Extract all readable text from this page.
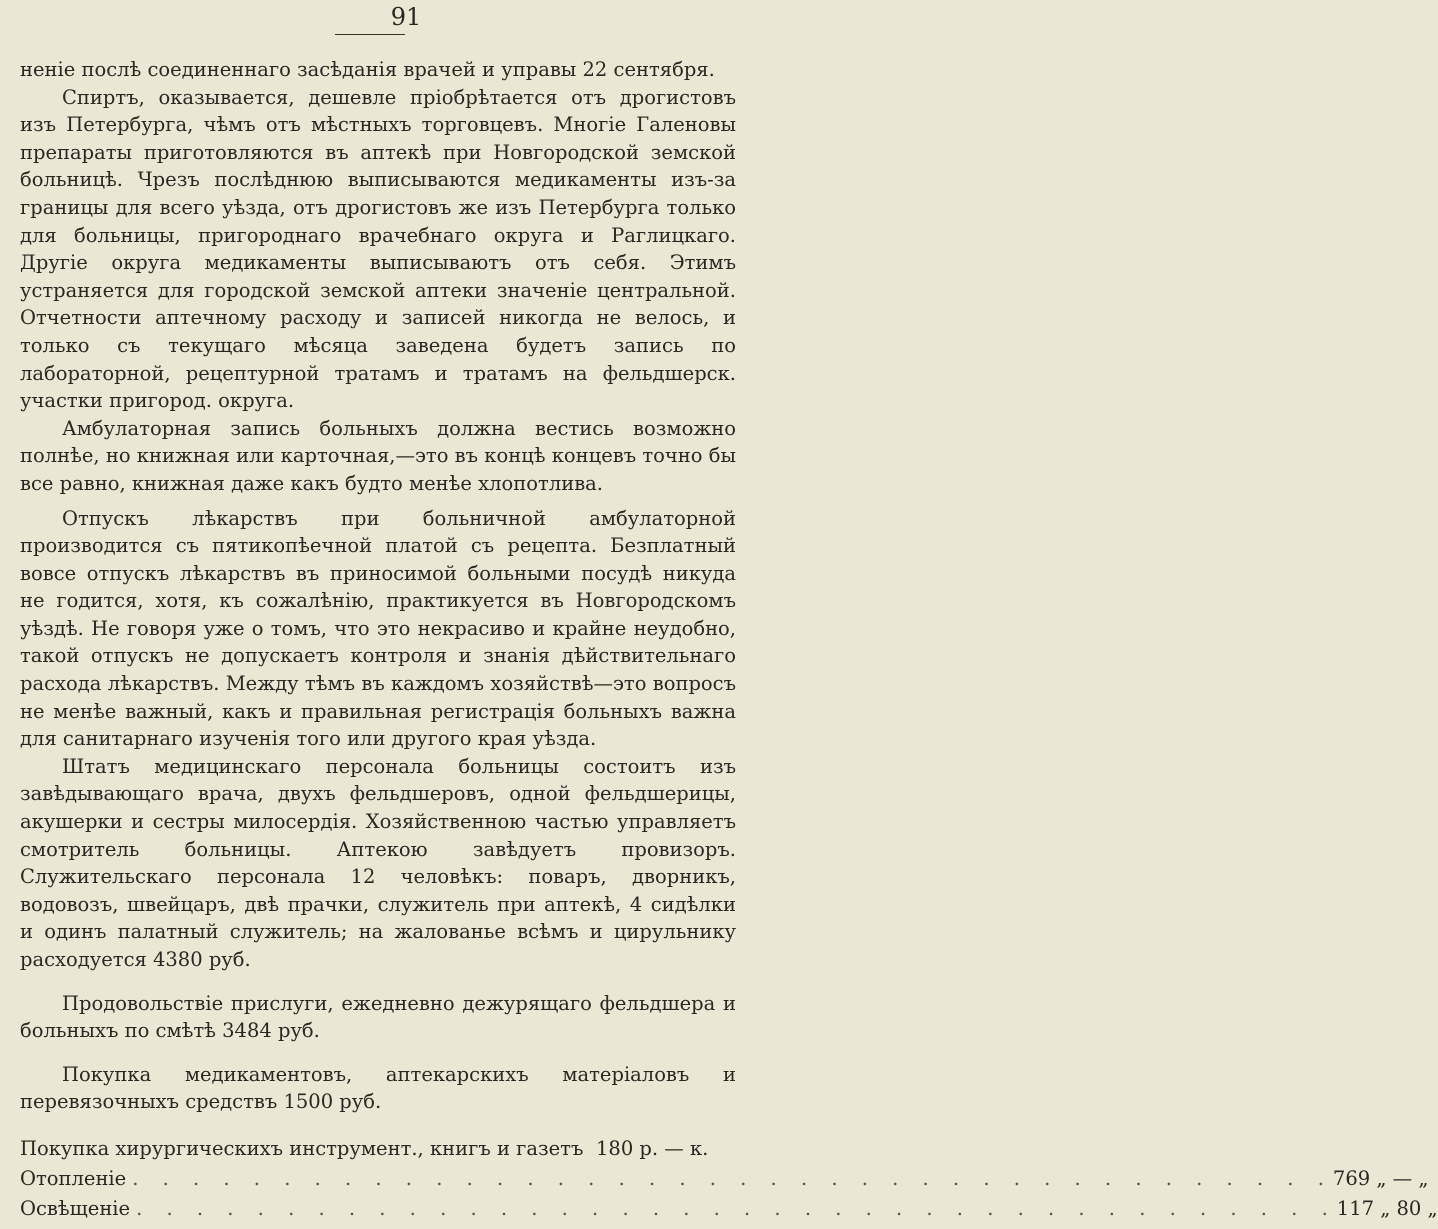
91

неніе послѣ соединеннаго засѣданія врачей и управы 22 сентября.

Спиртъ, оказывается, дешевле пріобрѣтается отъ дрогистовъ изъ Петербурга, чѣмъ отъ мѣстныхъ торговцевъ. Многіе Галеновы препараты приготовляются въ аптекѣ при Новгородской земской больницѣ. Чрезъ послѣднюю выписываются медикаменты изъ-за границы для всего уѣзда, отъ дрогистовъ же изъ Петербурга только для больницы, пригороднаго врачебнаго округа и Раглицкаго. Другіе округа медикаменты выписываютъ отъ себя. Этимъ устраняется для городской земской аптеки значеніе центральной. Отчетности аптечному расходу и записей никогда не велось, и только съ текущаго мѣсяца заведена будетъ запись по лабораторной, рецептурной тратамъ и тратамъ на фельдшерск. участки пригород. округа.

Амбулаторная запись больныхъ должна вестись возможно полнѣе, но книжная или карточная,—это въ концѣ концевъ точно бы все равно, книжная даже какъ будто менѣе хлопотлива.

Отпускъ лѣкарствъ при больничной амбулаторной производится съ пятикопѣечной платой съ рецепта. Безплатный вовсе отпускъ лѣкарствъ въ приносимой больными посудѣ никуда не годится, хотя, къ сожалѣнію, практикуется въ Новгородскомъ уѣздѣ. Не говоря уже о томъ, что это некрасиво и крайне неудобно, такой отпускъ не допускаетъ контроля и знанія дѣйствительнаго расхода лѣкарствъ. Между тѣмъ въ каждомъ хозяйствѣ—это вопросъ не менѣе важный, какъ и правильная регистрація больныхъ важна для санитарнаго изученія того или другого края уѣзда.

Штатъ медицинскаго персонала больницы состоитъ изъ завѣдывающаго врача, двухъ фельдшеровъ, одной фельдшерицы, акушерки и сестры милосердія. Хозяйственною частью управляетъ смотритель больницы. Аптекою завѣдуетъ провизоръ. Служительскаго персонала 12 человѣкъ: поваръ, дворникъ, водовозъ, швейцаръ, двѣ прачки, служитель при аптекѣ, 4 сидѣлки и одинъ палатный служитель; на жалованье всѣмъ и цирульнику расходуется 4380 руб.

Продовольствіе прислуги, ежедневно дежурящаго фельдшера и больныхъ по смѣтѣ 3484 руб.

Покупка медикаментовъ, аптекарскихъ матеріаловъ и перевязочныхъ средствъ 1500 руб.

Покупка хирургическихъ инструмент., книгъ и газетъ 180 р. — к.
Отопленіе . . . . . . . . . . . . . . . . . . . . . . . . . . . . . . . . . . . . . . . . 769 „ — „
Освѣщеніе . . . . . . . . . . . . . . . . . . . . . . . . . . . . . . . . . . . . . . . . 117 „ 80 „
